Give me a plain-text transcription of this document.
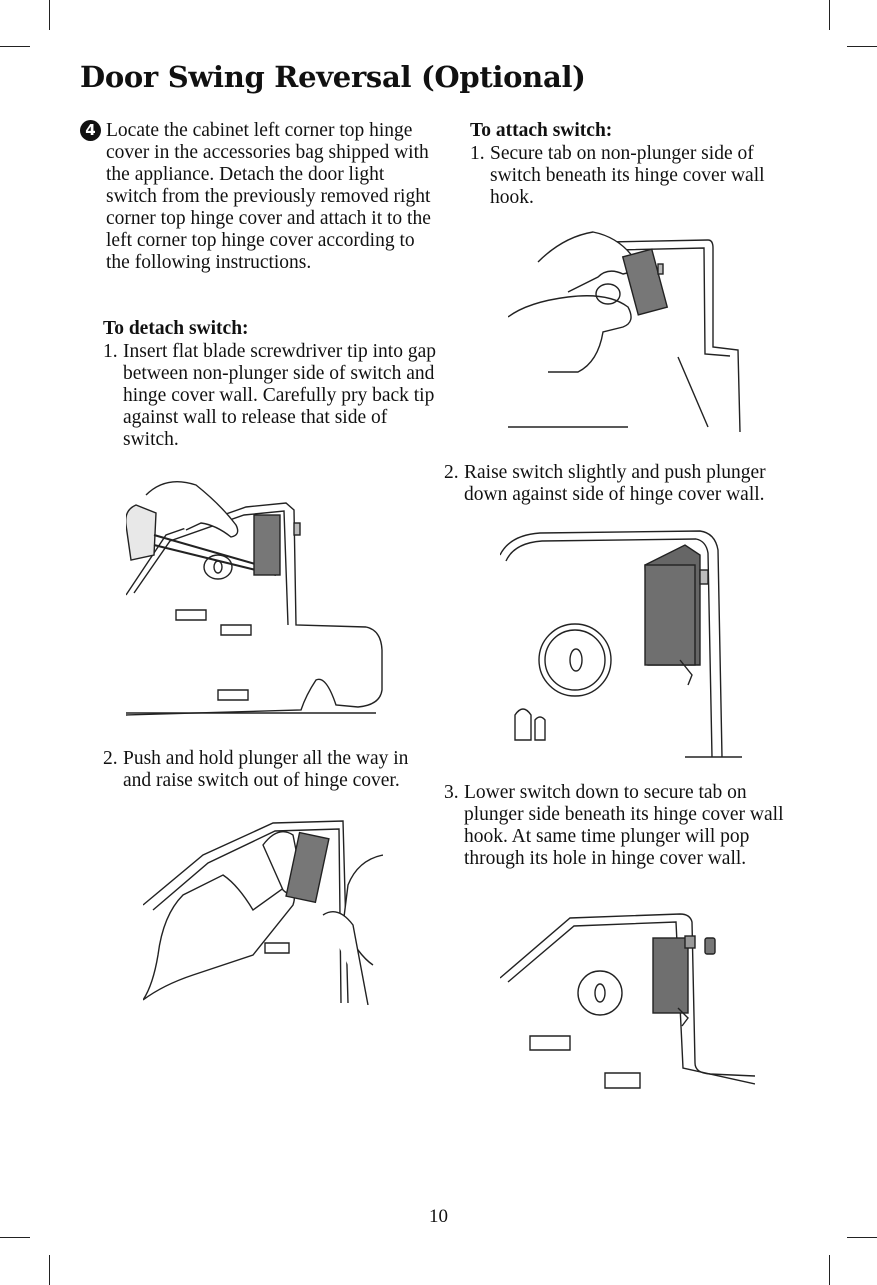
Door Swing Reversal (Optional)
4 Locate the cabinet left corner top hinge cover in the accessories bag shipped with the appliance. Detach the door light switch from the previously removed right corner top hinge cover and attach it to the left corner top hinge cover according to the following instructions.
To detach switch:
1. Insert flat blade screwdriver tip into gap between non-plunger side of switch and hinge cover wall. Carefully pry back tip against wall to release that side of switch.
2. Push and hold plunger all the way in and raise switch out of hinge cover.
To attach switch:
1. Secure tab on non-plunger side of switch beneath its hinge cover wall hook.
2. Raise switch slightly and push plunger down against side of hinge cover wall.
3. Lower switch down to secure tab on plunger side beneath its hinge cover wall hook. At same time plunger will pop through its hole in hinge cover wall.
10
